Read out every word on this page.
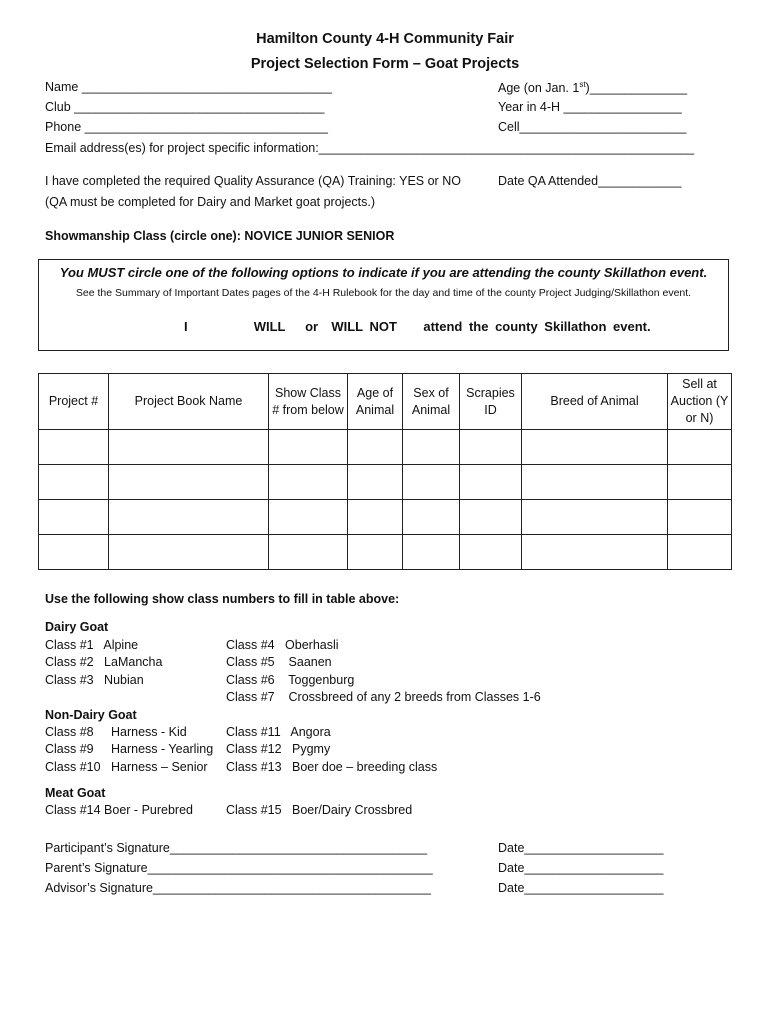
Hamilton County 4-H Community Fair
Project Selection Form – Goat Projects
Name ____________________________________	Age (on Jan. 1st)______________
Club ____________________________________	Year in 4-H _________________
Phone ___________________________________	Cell________________________
Email address(es) for project specific information:______________________________________________________
I have completed the required Quality Assurance (QA) Training: YES or NO	Date QA Attended____________
(QA must be completed for Dairy and Market goat projects.)
Showmanship Class (circle one): NOVICE JUNIOR SENIOR
You MUST circle one of the following options to indicate if you are attending the county Skillathon event.
See the Summary of Important Dates pages of the 4-H Rulebook for the day and time of the county Project Judging/Skillathon event.
I          WILL   or  WILL NOT    attend the county Skillathon event.
Project #	Project Book Name	Show Class # from below	Age of Animal	Sex of Animal	Scrapies ID	Breed of Animal	Sell at Auction (Y or N)

Use the following show class numbers to fill in table above:
Dairy Goat
Class #1   Alpine
Class #2   LaMancha
Class #3   Nubian
Class #4   Oberhasli
Class #5    Saanen
Class #6    Toggenburg
Class #7    Crossbreed of any 2 breeds from Classes 1-6
Non-Dairy Goat
Class #8     Harness - Kid
Class #9     Harness - Yearling
Class #10   Harness – Senior
Class #11   Angora
Class #12   Pygmy
Class #13   Boer doe – breeding class
Meat Goat
Class #14 Boer - Purebred	Class #15   Boer/Dairy Crossbred
Participant’s Signature_____________________________________	Date____________________
Parent’s Signature_________________________________________	Date____________________
Advisor’s Signature________________________________________	Date____________________
